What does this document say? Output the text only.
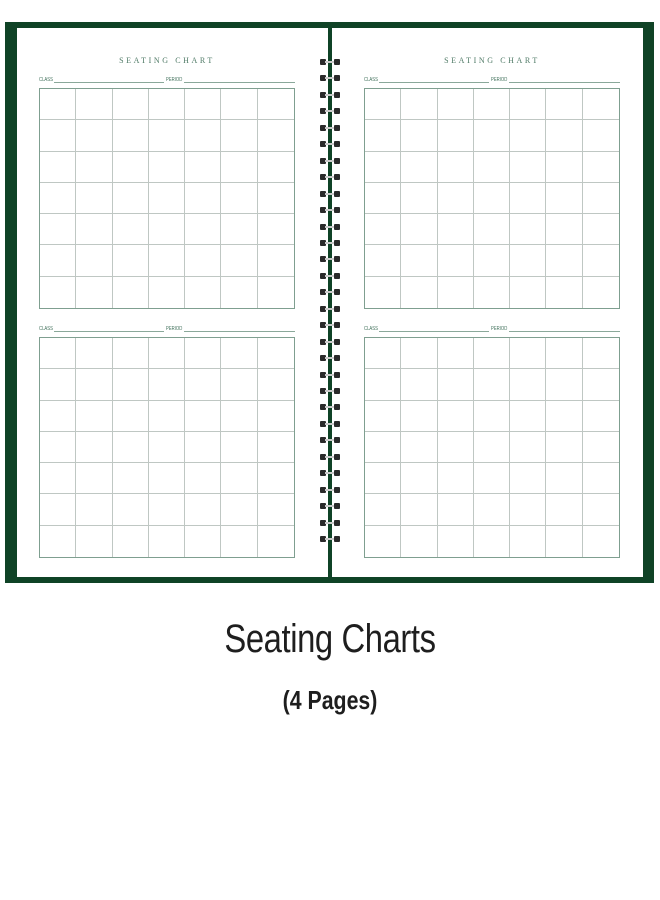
SEATING CHART	SEATING CHART
CLASS	PERIOD
CLASS	PERIOD
CLASS	PERIOD
CLASS	PERIOD
Seating Charts
(4 Pages)
